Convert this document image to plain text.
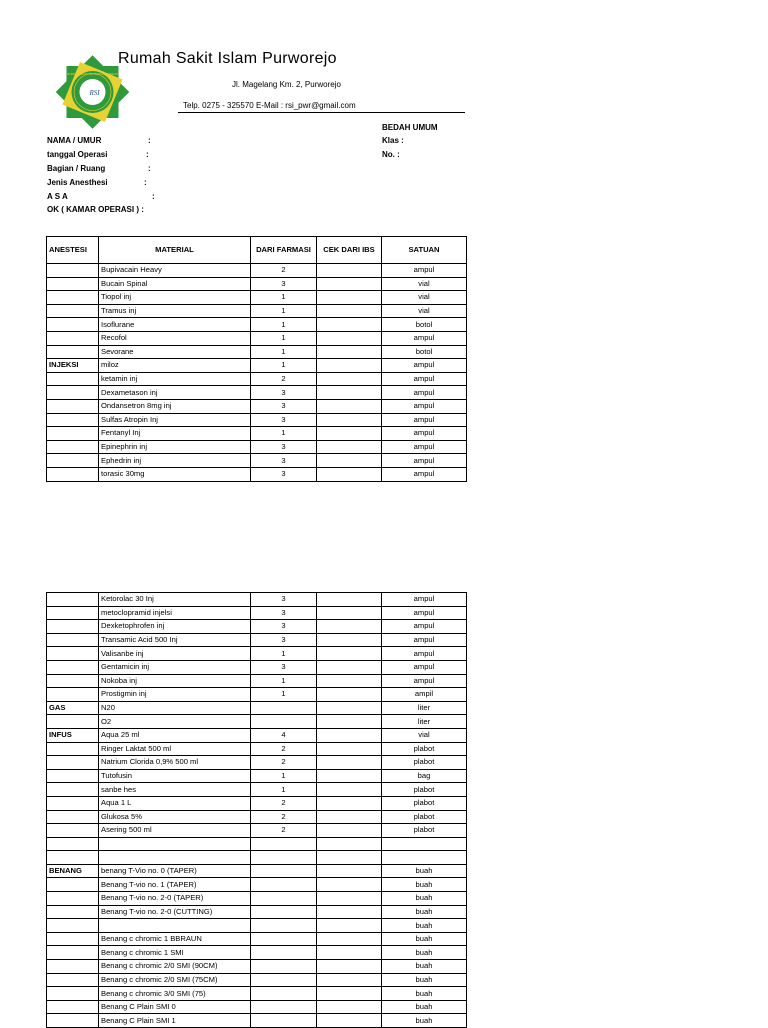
RSI
RUMAH SAKIT ISLAM PURWOREJO
Rumah Sakit Islam Purworejo
Jl. Magelang Km. 2, Purworejo
Telp. 0275 - 325570 E-Mail : rsi_pwr@gmail.com
BEDAH UMUM
Klas :
No. :
NAMA / UMUR	:
tanggal Operasi	:
Bagian / Ruang	:
Jenis Anesthesi	:
A S A	:
OK ( KAMAR OPERASI ) :
ANESTESI	MATERIAL	DARI FARMASI	CEK DARI IBS	SATUAN
	Bupivacain Heavy	2		ampul
	Bucain Spinal	3		vial
	Tiopol inj	1		vial
	Tramus inj	1		vial
	Isoflurane	1		botol
	Recofol	1		ampul
	Sevorane	1		botol
INJEKSI	miloz	1		ampul
	ketamin inj	2		ampul
	Dexametason inj	3		ampul
	Ondansetron 8mg inj	3		ampul
	Sulfas Atropin Inj	3		ampul
	Fentanyl Inj	1		ampul
	Epinephrin inj	3		ampul
	Ephedrin inj	3		ampul
	torasic 30mg	3		ampul
	Ketorolac 30 Inj	3		ampul
	metoclopramid injelsi	3		ampul
	Dexketophrofen inj	3		ampul
	Transamic Acid 500 Inj	3		ampul
	Valisanbe inj	1		ampul
	Gentamicin inj	3		ampul
	Nokoba inj	1		ampul
	Prostigmin inj	1		ampil
GAS	N20			liter
	O2			liter
INFUS	Aqua 25 ml	4		vial
	Ringer Laktat 500 ml	2		plabot
	Natrium Clorida 0,9% 500 ml	2		plabot
	Tutofusin	1		bag
	sanbe hes	1		plabot
	Aqua 1 L	2		plabot
	Glukosa 5%	2		plabot
	Asering 500 ml	2		plabot

BENANG	benang T-Vio no. 0 (TAPER)			buah
	Benang T-vio no. 1 (TAPER)			buah
	Benang T-vio no. 2-0 (TAPER)			buah
	Benang T-vio no. 2-0 (CUTTING)			buah
				buah
	Benang c chromic 1 BBRAUN			buah
	Benang c chromic 1 SMI			buah
	Benang c chromic 2/0 SMI (90CM)			buah
	Benang c chromic 2/0 SMI (75CM)			buah
	Benang c chromic 3/0 SMI (75)			buah
	Benang C Plain SMI 0			buah
	Benang C Plain SMI 1			buah
